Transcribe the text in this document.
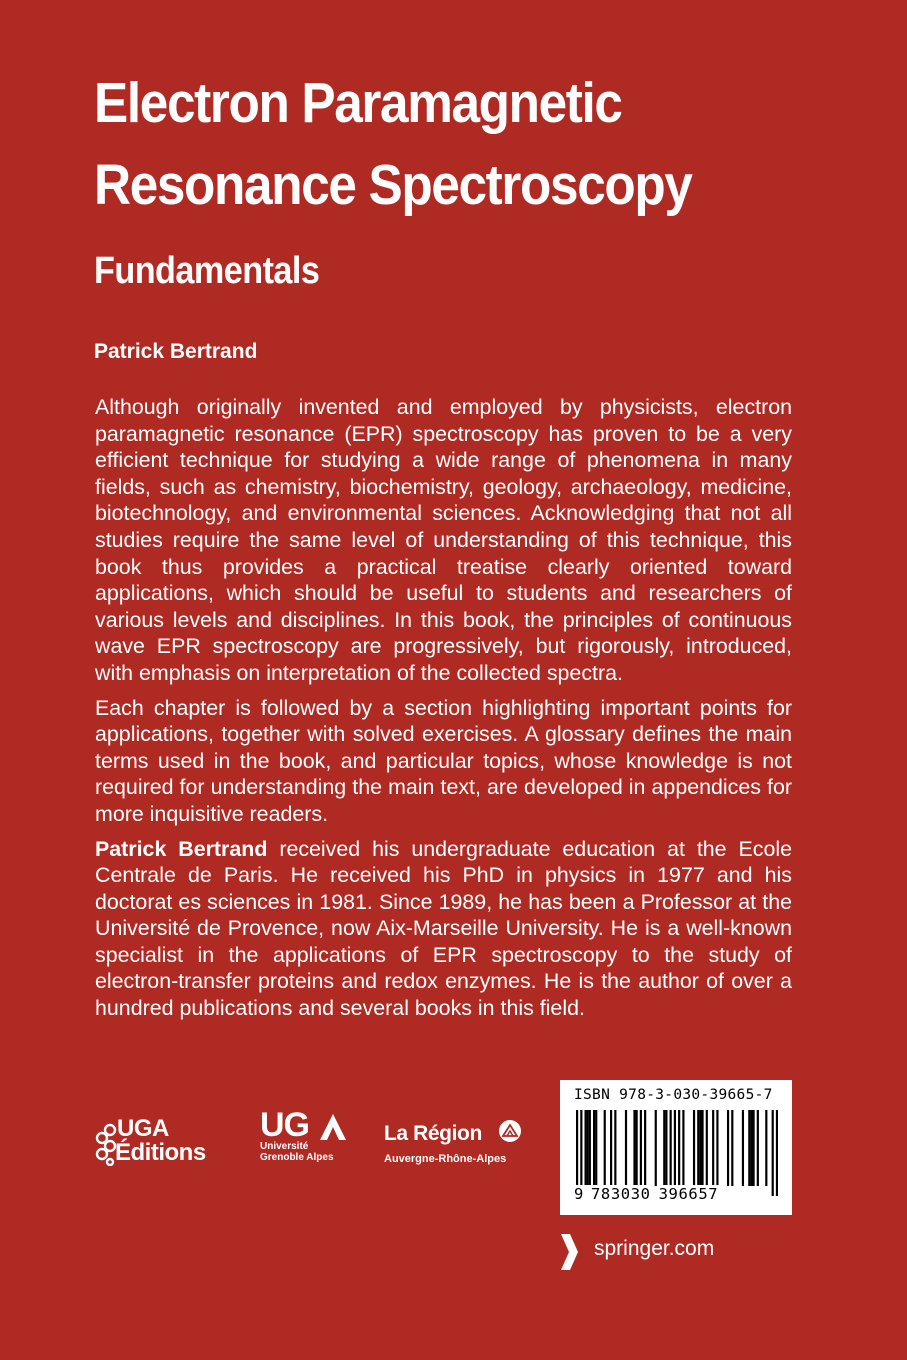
Electron Paramagnetic
Resonance Spectroscopy
Fundamentals
Patrick Bertrand

Although originally invented and employed by physicists, electron paramagnetic resonance (EPR) spectroscopy has proven to be a very efficient technique for studying a wide range of phenomena in many fields, such as chemistry, biochemistry, geology, archaeology, medicine, biotechnology, and environmental sciences. Acknowledging that not all studies require the same level of understanding of this technique, this book thus provides a practical treatise clearly oriented toward applications, which should be useful to students and researchers of various levels and disciplines. In this book, the principles of continuous wave EPR spectroscopy are progressively, but rigorously, introduced, with emphasis on interpretation of the collected spectra.

Each chapter is followed by a section highlighting important points for applications, together with solved exercises. A glossary defines the main terms used in the book, and particular topics, whose knowledge is not required for understanding the main text, are developed in appendices for more inquisitive readers.

Patrick Bertrand received his undergraduate education at the Ecole Centrale de Paris. He received his PhD in physics in 1977 and his doctorat es sciences in 1981. Since 1989, he has been a Professor at the Université de Provence, now Aix-Marseille University. He is a well-known specialist in the applications of EPR spectroscopy to the study of electron-transfer proteins and redox enzymes. He is the author of over a hundred publications and several books in this field.

UGA
Éditions
UG
Université
Grenoble Alpes
La Région
Auvergne-Rhône-Alpes
ISBN 978-3-030-39665-7
9 783030 396657
springer.com
